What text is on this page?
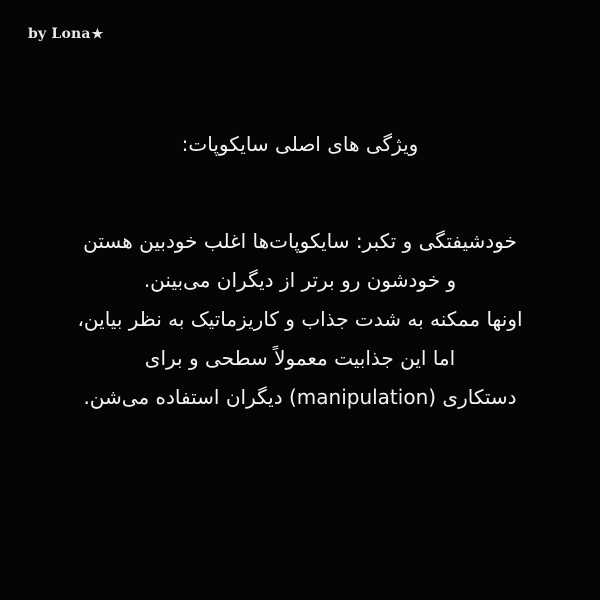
by Lona ★

ویژگی های اصلی سایکوپات:

خودشیفتگی و تکبر: سایکوپات‌ها اغلب خودبین هستن
و خودشون رو برتر از دیگران می‌بینن.
اونها ممکنه به شدت جذاب و کاریزماتیک به نظر بیاین،
اما این جذابیت معمولاً سطحی و برای
دستکاری (manipulation) دیگران استفاده می‌شن.
